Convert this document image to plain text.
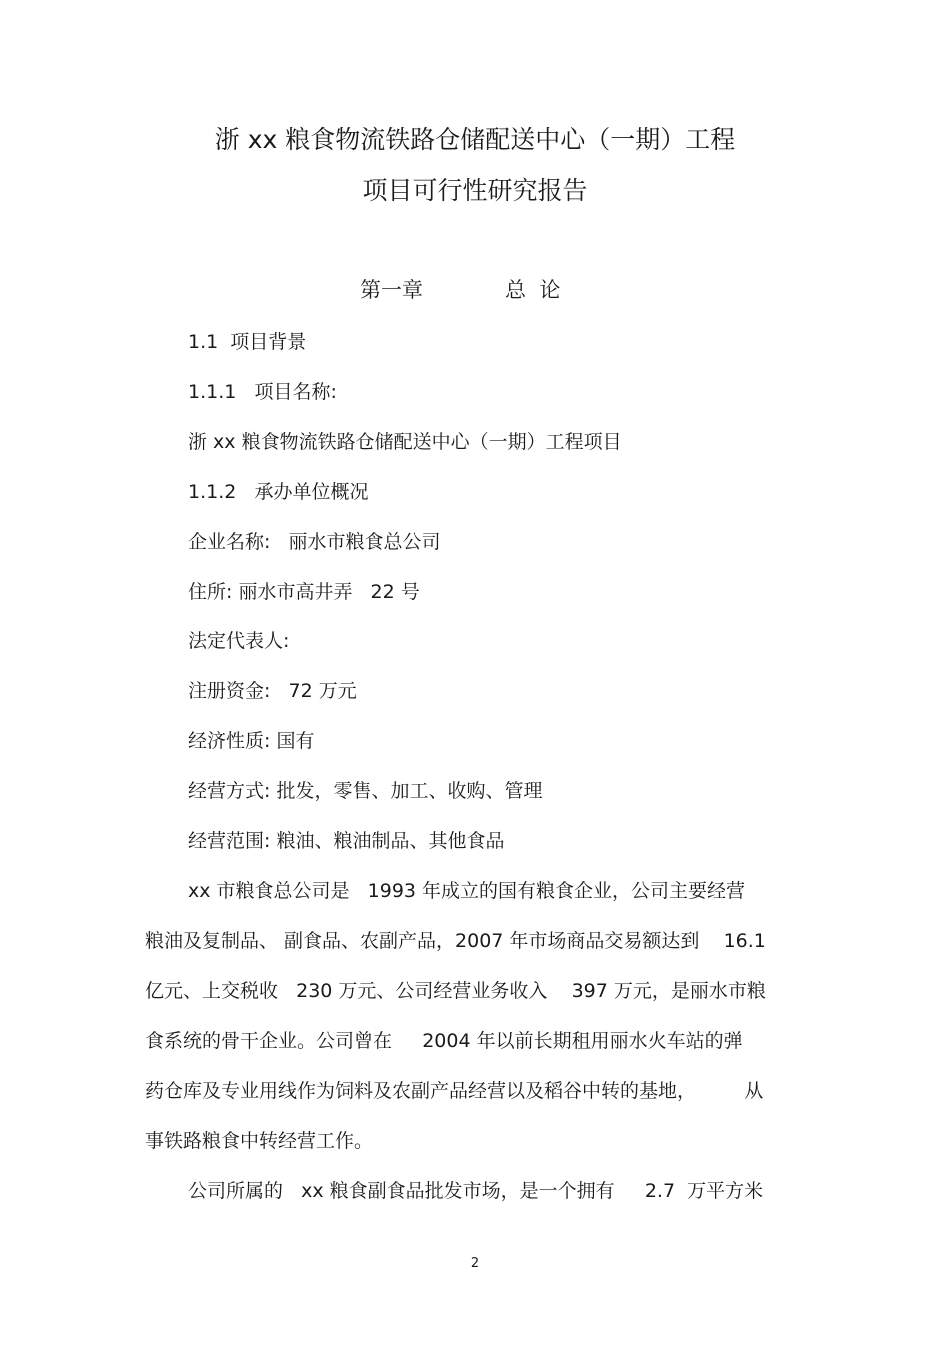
浙 xx 粮食物流铁路仓储配送中心（一期）工程
项目可行性研究报告
第一章	总  论
1.1  项目背景
1.1.1   项目名称:
浙 xx 粮食物流铁路仓储配送中心（一期）工程项目
1.1.2   承办单位概况
企业名称:   丽水市粮食总公司
住所: 丽水市高井弄   22 号
法定代表人:
注册资金:   72 万元
经济性质: 国有
经营方式: 批发，零售、加工、收购、管理
经营范围: 粮油、粮油制品、其他食品
xx 市粮食总公司是   1993 年成立的国有粮食企业，公司主要经营
粮油及复制品、 副食品、农副产品，2007 年市场商品交易额达到    16.1
亿元、上交税收   230 万元、公司经营业务收入    397 万元，是丽水市粮
食系统的骨干企业。公司曾在     2004 年以前长期租用丽水火车站的弹
药仓库及专业用线作为饲料及农副产品经营以及稻谷中转的基地，        从
事铁路粮食中转经营工作。
公司所属的   xx 粮食副食品批发市场，是一个拥有     2.7  万平方米
2
